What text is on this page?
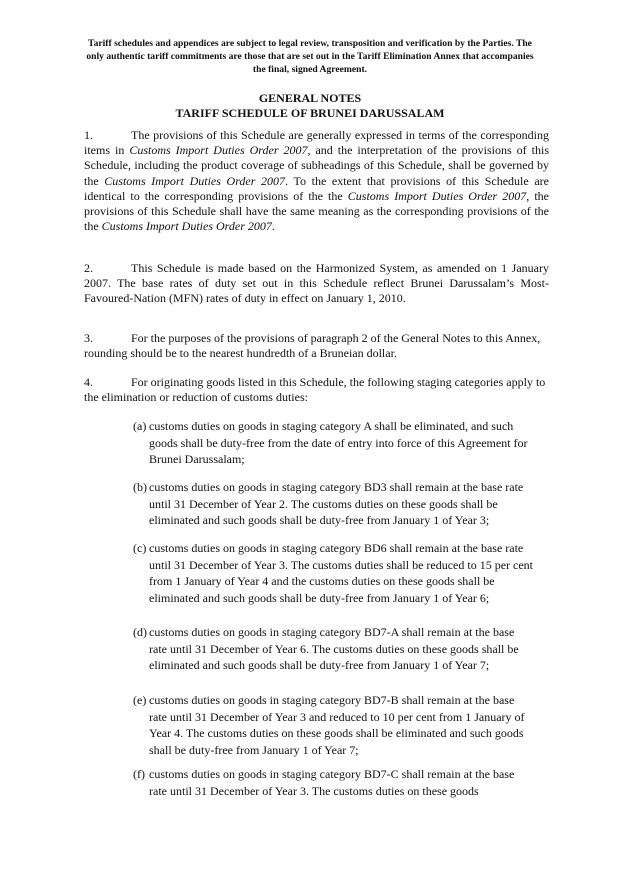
Tariff schedules and appendices are subject to legal review, transposition and verification by the Parties. The only authentic tariff commitments are those that are set out in the Tariff Elimination Annex that accompanies the final, signed Agreement.
GENERAL NOTES
TARIFF SCHEDULE OF BRUNEI DARUSSALAM
1.	The provisions of this Schedule are generally expressed in terms of the corresponding items in Customs Import Duties Order 2007, and the interpretation of the provisions of this Schedule, including the product coverage of subheadings of this Schedule, shall be governed by the Customs Import Duties Order 2007. To the extent that provisions of this Schedule are identical to the corresponding provisions of the the Customs Import Duties Order 2007, the provisions of this Schedule shall have the same meaning as the corresponding provisions of the the Customs Import Duties Order 2007.
2.	This Schedule is made based on the Harmonized System, as amended on 1 January 2007. The base rates of duty set out in this Schedule reflect Brunei Darussalam’s Most-Favoured-Nation (MFN) rates of duty in effect on January 1, 2010.
3.	For the purposes of the provisions of paragraph 2 of the General Notes to this Annex, rounding should be to the nearest hundredth of a Bruneian dollar.
4.	For originating goods listed in this Schedule, the following staging categories apply to the elimination or reduction of customs duties:
(a) customs duties on goods in staging category A shall be eliminated, and such goods shall be duty-free from the date of entry into force of this Agreement for Brunei Darussalam;
(b) customs duties on goods in staging category BD3 shall remain at the base rate until 31 December of Year 2. The customs duties on these goods shall be eliminated and such goods shall be duty-free from January 1 of Year 3;
(c) customs duties on goods in staging category BD6 shall remain at the base rate until 31 December of Year 3. The customs duties shall be reduced to 15 per cent from 1 January of Year 4 and the customs duties on these goods shall be eliminated and such goods shall be duty-free from January 1 of Year 6;
(d) customs duties on goods in staging category BD7-A shall remain at the base rate until 31 December of Year 6. The customs duties on these goods shall be eliminated and such goods shall be duty-free from January 1 of Year 7;
(e) customs duties on goods in staging category BD7-B shall remain at the base rate until 31 December of Year 3 and reduced to 10 per cent from 1 January of Year 4. The customs duties on these goods shall be eliminated and such goods shall be duty-free from January 1 of Year 7;
(f) customs duties on goods in staging category BD7-C shall remain at the base rate until 31 December of Year 3. The customs duties on these goods
